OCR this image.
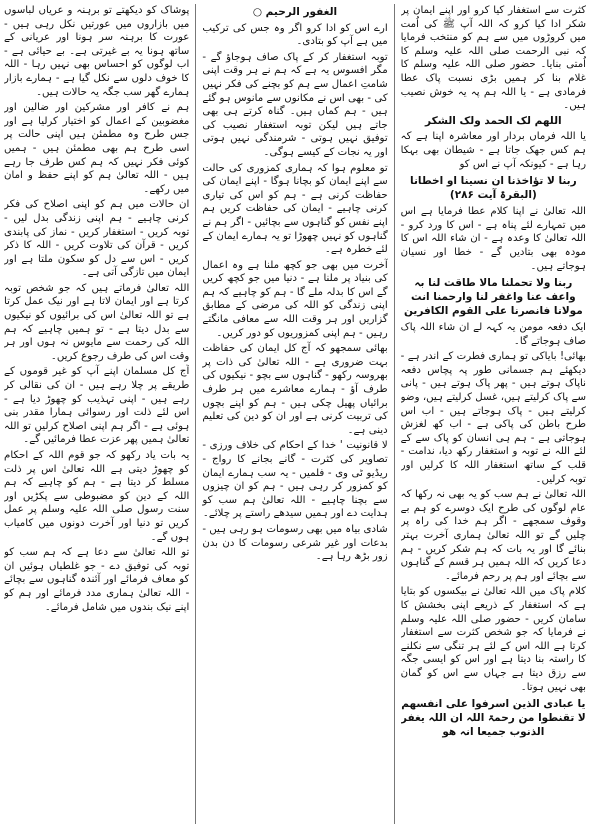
کثرت سے استغفار کیا کرو اور اپنے ایمان پر شکر ادا کیا کرو کہ اللہ آپ ﷺ کی اُمت میں کروڑوں میں سے ہم کو منتخب فرمایا کہ نبی الرحمت صلی اللہ علیہ وسلم کا اُمتی بنایا۔ حضور صلی اللہ علیہ وسلم کا غلام بنا کر ہمیں بڑی نسبت پاک عطا فرمادی ہے - یا اللہ ہم پہ یہ خوش نصیب ہیں۔

اللھم لک الحمد ولک الشکر

یا اللہ فرماں بردار اور معاشرہ اپنا ہے کہ ہم کس جھک جاتا ہے - شیطان بھی بہکا رہا ہے - کیونکہ آپ نے اس کو

ربنا لا تؤاخذنا ان نسینا او اخطانا (البقرۃ آیت ۲۸۶)

اللہ تعالیٰ نے اپنا کلام عطا فرمایا ہے اس میں تمہارے لئے پناہ ہے - اس کا ورد کرو - اللہ تعالیٰ کا وعدہ ہے - ان شاء اللہ اس کا مودہ بھی بتادیں گے - خطا اور نسیان ہوجاتے ہیں۔

ربنا ولا تحملنا مالا طاقت لنا بہ واعف عنا واغفر لنا وارحمنا انت مولانا فانصرنا علی القوم الکافرین

ایک دفعہ مومن یہ کہہ لے ان شاء اللہ پاک صاف ہوجاتے گا۔

بھائی! بایاکی تو ہماری فطرت کے اندر ہے - دیکھئے ہم جسمانی طور پہ پچاس دفعہ ناپاک ہوتے ہیں - پھر پاک ہوتے ہیں - پانی سے پاک کرلیتے ہیں، غسل کرلیتے ہیں، وضو کرلیتے ہیں - پاک ہوجاتے ہیں - اب اس طرح باطن کی پاکی ہے - اب کھ لغزش ہوجاتی ہے - ہم ہی انسان کو پاک سے کے لئے اللہ نے توبہ و استغفار رکھ دیا، ندامت - قلب کے ساتھ استغفار اللہ کا کرلیں اور توبہ کرلیں۔

اللہ تعالیٰ نے ہم سب کو یہ بھی نہ رکھا کہ عام لوگوں کی طرح ایک دوسرے کو ہم بے وقوف سمجھے - اگر ہم خدا کی راہ پر چلیں گے تو اللہ تعالیٰ ہماری آخرت بہتر بنائے گا اور یہ بات کہ ہم شکر کریں - ہم دعا کریں کہ اللہ ہمیں ہر قسم کے گناہوں سے بچائے اور ہم پر رحم فرمائے۔

کلام پاک میں اللہ تعالیٰ نے بیکسوں کو بتایا ہے کہ استغفار کے ذریعے اپنی بخشش کا سامان کریں - حضور صلی اللہ علیہ وسلم نے فرمایا کہ جو شخص کثرت سے استغفار کرتا ہے اللہ اس کے لئے ہر تنگی سے نکلنے کا راستہ بنا دیتا ہے اور اس کو ایسی جگہ سے رزق دیتا ہے جہاں سے اس کو گمان بھی نہیں ہوتا۔

یا عبادی الذین اسرفوا علی انفسھم لا تقنطوا من رحمۃ اللہ ان اللہ یغفر الذنوب جمیعا انہ ھو
الغفور الرحیم ○

ارے اس کو ادا کرو اگر وہ جس کی ترکیب میں ہے آپ کو بتادی۔

توبہ استغفار کر کے پاک صاف ہوجاؤ گے - مگر افسوس یہ ہے کہ ہم نے ہر وقت اپنی شامتِ اعمال سے ہم کو بچنے کی فکر نہیں کی - بھی اس نے مکانوں سے مانوس ہو گئے ہیں - ہم کماں ہیں۔ گناہ کرتے ہی بھی جاتے ہیں لیکن توبہ استغفار نصیب کی توفیق نہیں ہوتی - شرمندگی نہیں ہوتی اور یہ نجات کے کیسے ہوگی۔

تو معلوم ہوا کہ ہماری کمزوری کی حالت سے اپنے ایمان کو بچانا ہوگا - اپنے ایمان کی حفاظت کرنی ہے - ہم کو اس کی تیاری کرنی چاہیے - ایمان کی حفاظت کریں ہم اپنے نفس کو گناہوں سے بچائیں - اگر ہم نے گناہوں کو نہیں چھوڑا تو یہ ہمارے ایمان کے لئے خطرہ ہے۔

آخرت میں بھی جو کچھ ملنا ہے وہ اعمال کی بنیاد پر ملنا ہے - دنیا میں جو کچھ کریں گے اس کا بدلہ ملے گا - ہم کو چاہیے کہ ہم اپنی زندگی کو اللہ کی مرضی کے مطابق گزاریں اور ہر وقت اللہ سے معافی مانگتے رہیں - ہم اپنی کمزوریوں کو دور کریں۔

بھائی سمجھو کہ آج کل ایمان کی حفاظت بہت ضروری ہے - اللہ تعالیٰ کی ذات پر بھروسہ رکھو - گناہوں سے بچو - نیکیوں کی طرف آؤ - ہمارے معاشرے میں ہر طرف برائیاں پھیل چکی ہیں - ہم کو اپنے بچوں کی تربیت کرنی ہے اور ان کو دین کی تعلیم دینی ہے۔

لا قانونیت ' خدا کے احکام کی خلاف ورزی - تصاویر کی کثرت - گانے بجانے کا رواج - ریڈیو ٹی وی - فلمیں - یہ سب ہمارے ایمان کو کمزور کر رہی ہیں - ہم کو ان چیزوں سے بچنا چاہیے - اللہ تعالیٰ ہم سب کو ہدایت دے اور ہمیں سیدھے راستے پر چلائے۔

شادی بیاہ میں بھی رسومات ہو رہی ہیں - بدعات اور غیر شرعی رسومات کا دن بدن زور بڑھ رہا ہے۔

پوشاک کو دیکھتے تو برہنہ و عریاں لباسوں میں بازاروں میں عورتیں نکل رہی ہیں - عورت کا برہنہ سر ہونا اور عریانی کے ساتھ ہونا یہ بے غیرتی ہے۔ بے حیائی ہے - اب لوگوں کو احساس بھی نہیں رہا - اللہ کا خوف دلوں سے نکل گیا ہے - ہمارے بازار ہمارے گھر سب جگہ یہ حالات ہیں۔

ہم نے کافر اور مشرکین اور ضالین اور مغضوبین کے اعمال کو اختیار کرلیا ہے اور جس طرح وہ مطمئن ہیں اپنی حالت پر اسی طرح ہم بھی مطمئن ہیں - ہمیں کوئی فکر نہیں کہ ہم کس طرف جا رہے ہیں - اللہ تعالیٰ ہم کو اپنے حفظ و امان میں رکھے۔

ان حالات میں ہم کو اپنی اصلاح کی فکر کرنی چاہیے - ہم اپنی زندگی بدل لیں - توبہ کریں - استغفار کریں - نماز کی پابندی کریں - قرآن کی تلاوت کریں - اللہ کا ذکر کریں - اس سے دل کو سکون ملتا ہے اور ایمان میں تازگی آتی ہے۔

اللہ تعالیٰ فرماتے ہیں کہ جو شخص توبہ کرتا ہے اور ایمان لاتا ہے اور نیک عمل کرتا ہے تو اللہ تعالیٰ اس کی برائیوں کو نیکیوں سے بدل دیتا ہے - تو ہمیں چاہیے کہ ہم اللہ کی رحمت سے مایوس نہ ہوں اور ہر وقت اس کی طرف رجوع کریں۔

آج کل مسلمان اپنے آپ کو غیر قوموں کے طریقے پر چلا رہے ہیں - ان کی نقالی کر رہے ہیں - اپنی تہذیب کو چھوڑ دیا ہے - اس لئے ذلت اور رسوائی ہمارا مقدر بنی ہوئی ہے - اگر ہم اپنی اصلاح کرلیں تو اللہ تعالیٰ ہمیں پھر عزت عطا فرمائیں گے۔

یہ بات یاد رکھو کہ جو قوم اللہ کے احکام کو چھوڑ دیتی ہے اللہ تعالیٰ اس پر ذلت مسلط کر دیتا ہے - ہم کو چاہیے کہ ہم اللہ کے دین کو مضبوطی سے پکڑیں اور سنت رسول صلی اللہ علیہ وسلم پر عمل کریں تو دنیا اور آخرت دونوں میں کامیاب ہوں گے۔

تو اللہ تعالیٰ سے دعا ہے کہ ہم سب کو توبہ کی توفیق دے - جو غلطیاں ہوئیں ان کو معاف فرمائے اور آئندہ گناہوں سے بچائے - اللہ تعالیٰ ہماری مدد فرمائے اور ہم کو اپنے نیک بندوں میں شامل فرمائے۔
